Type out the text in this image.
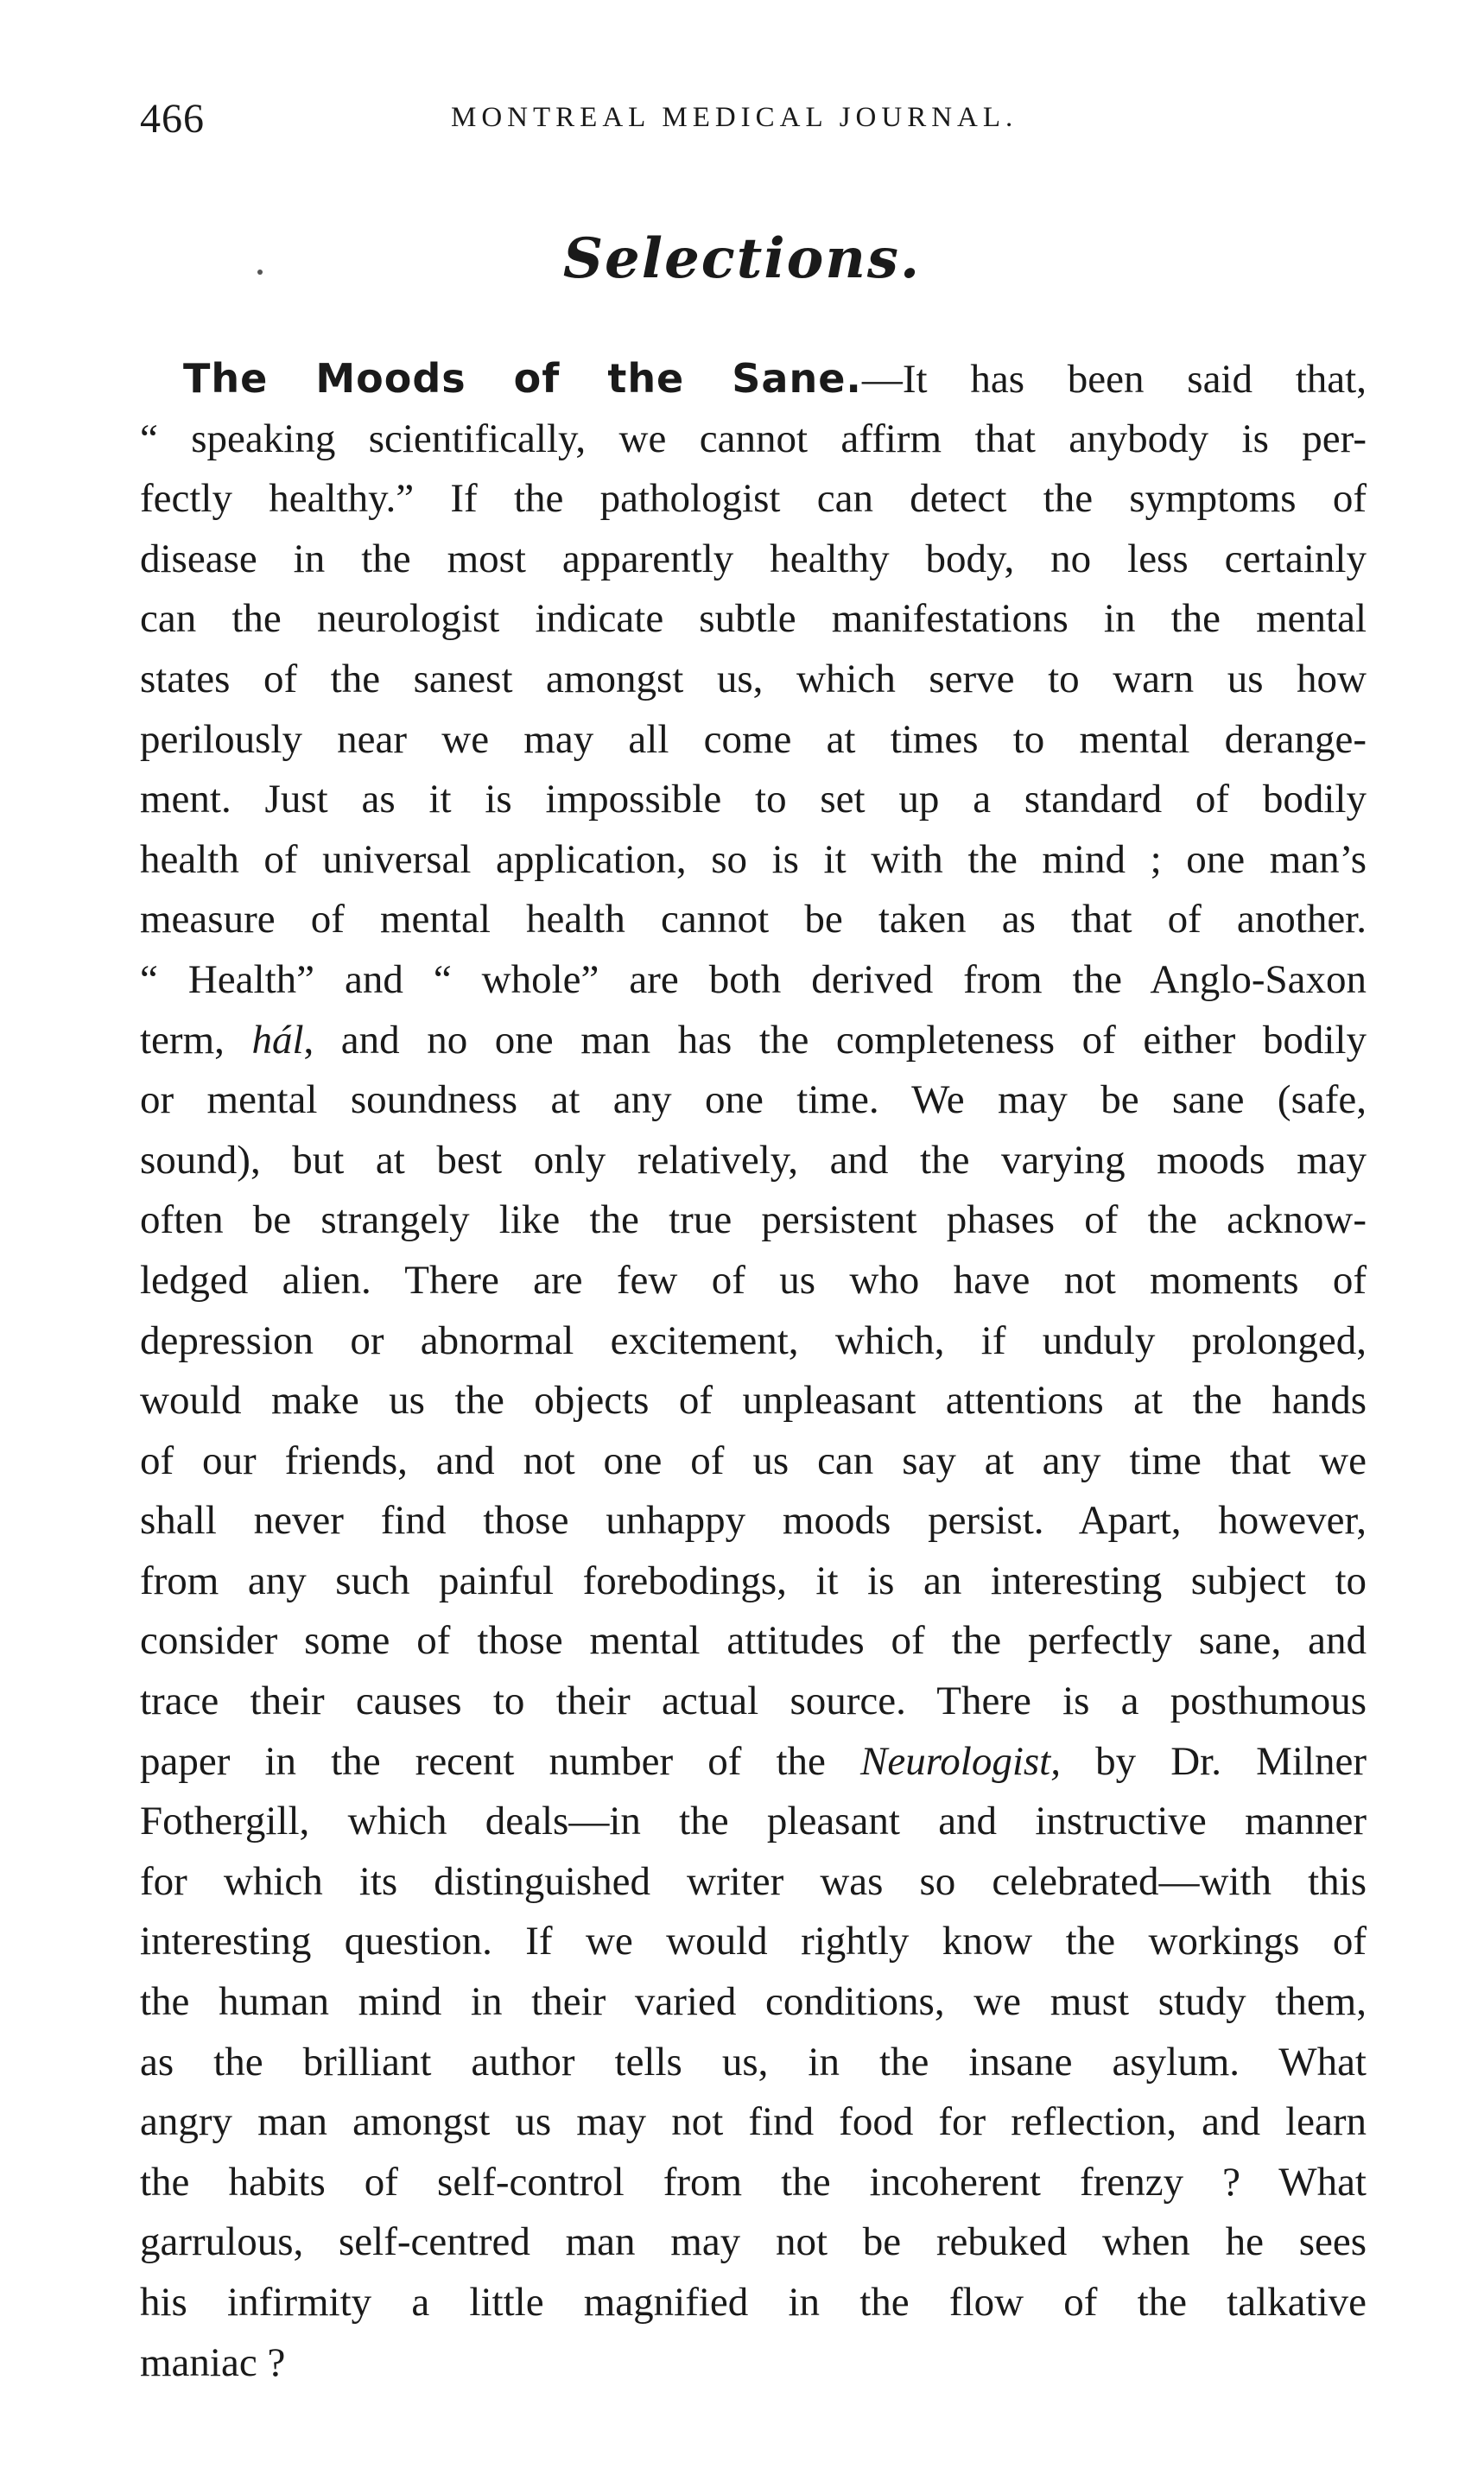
466	MONTREAL MEDICAL JOURNAL.
Selections.
The Moods of the Sane.—It has been said that,
“ speaking scientifically, we cannot affirm that anybody is per-
fectly healthy.” If the pathologist can detect the symptoms of
disease in the most apparently healthy body, no less certainly
can the neurologist indicate subtle manifestations in the mental
states of the sanest amongst us, which serve to warn us how
perilously near we may all come at times to mental derange-
ment. Just as it is impossible to set up a standard of bodily
health of universal application, so is it with the mind ; one man’s
measure of mental health cannot be taken as that of another.
“ Health” and “ whole” are both derived from the Anglo-Saxon
term, hál, and no one man has the completeness of either bodily
or mental soundness at any one time. We may be sane (safe,
sound), but at best only relatively, and the varying moods may
often be strangely like the true persistent phases of the acknow-
ledged alien. There are few of us who have not moments of
depression or abnormal excitement, which, if unduly prolonged,
would make us the objects of unpleasant attentions at the hands
of our friends, and not one of us can say at any time that we
shall never find those unhappy moods persist. Apart, however,
from any such painful forebodings, it is an interesting subject to
consider some of those mental attitudes of the perfectly sane, and
trace their causes to their actual source. There is a posthumous
paper in the recent number of the Neurologist, by Dr. Milner
Fothergill, which deals—in the pleasant and instructive manner
for which its distinguished writer was so celebrated—with this
interesting question. If we would rightly know the workings of
the human mind in their varied conditions, we must study them,
as the brilliant author tells us, in the insane asylum. What
angry man amongst us may not find food for reflection, and learn
the habits of self-control from the incoherent frenzy ? What
garrulous, self-centred man may not be rebuked when he sees
his infirmity a little magnified in the flow of the talkative
maniac ?
